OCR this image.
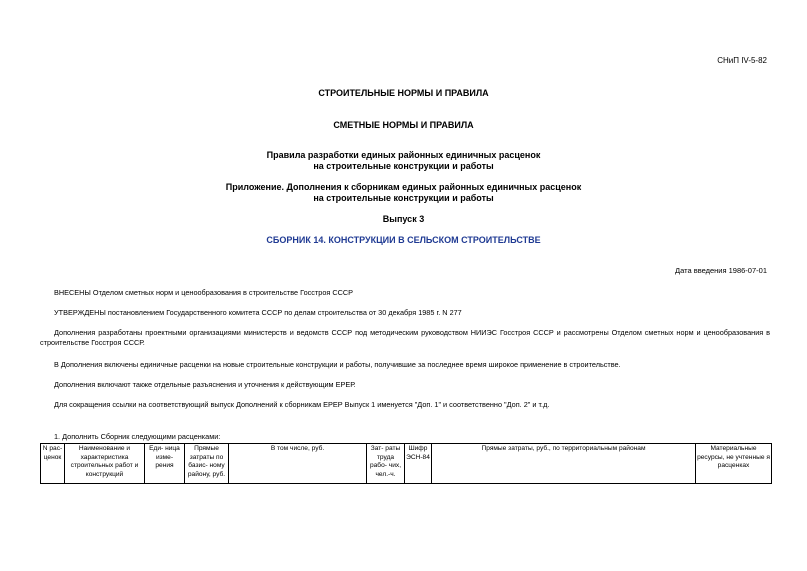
СНиП IV-5-82
СТРОИТЕЛЬНЫЕ НОРМЫ И ПРАВИЛА
СМЕТНЫЕ НОРМЫ И ПРАВИЛА
Правила разработки единых районных единичных расценок
на строительные конструкции и работы
Приложение. Дополнения к сборникам единых районных единичных расценок
на строительные конструкции и работы
Выпуск 3
СБОРНИК 14. КОНСТРУКЦИИ В СЕЛЬСКОМ СТРОИТЕЛЬСТВЕ
Дата введения 1986-07-01
ВНЕСЕНЫ Отделом сметных норм и ценообразования в строительстве Госстроя СССР
УТВЕРЖДЕНЫ постановлением Государственного комитета СССР по делам строительства от 30 декабря 1985 г. N 277
Дополнения разработаны проектными организациями министерств и ведомств СССР под методическим руководством НИИЭС Госстроя СССР и рассмотрены Отделом сметных норм и ценообразования в строительстве Госстроя СССР.
В Дополнения включены единичные расценки на новые строительные конструкции и работы, получившие за последнее время широкое применение в строительстве.
Дополнения включают также отдельные разъяснения и уточнения к действующим ЕРЕР.
Для сокращения ссылки на соответствующий выпуск Дополнений к сборникам ЕРЕР Выпуск 1 именуется "Доп. 1" и соответственно "Доп. 2" и т.д.
1. Дополнить Сборник следующими расценками:
N рас- ценок	Наименование и характеристика строительных работ и конструкций	Еди- ница изме- рения	Прямые затраты по базис- ному району, руб.	В том числе, руб.	Зат- раты труда рабо- чих, чел.-ч.	Шифр ЭСН-84	Прямые затраты, руб., по территориальным районам	Материальные ресурсы, не учтенные я расценках
